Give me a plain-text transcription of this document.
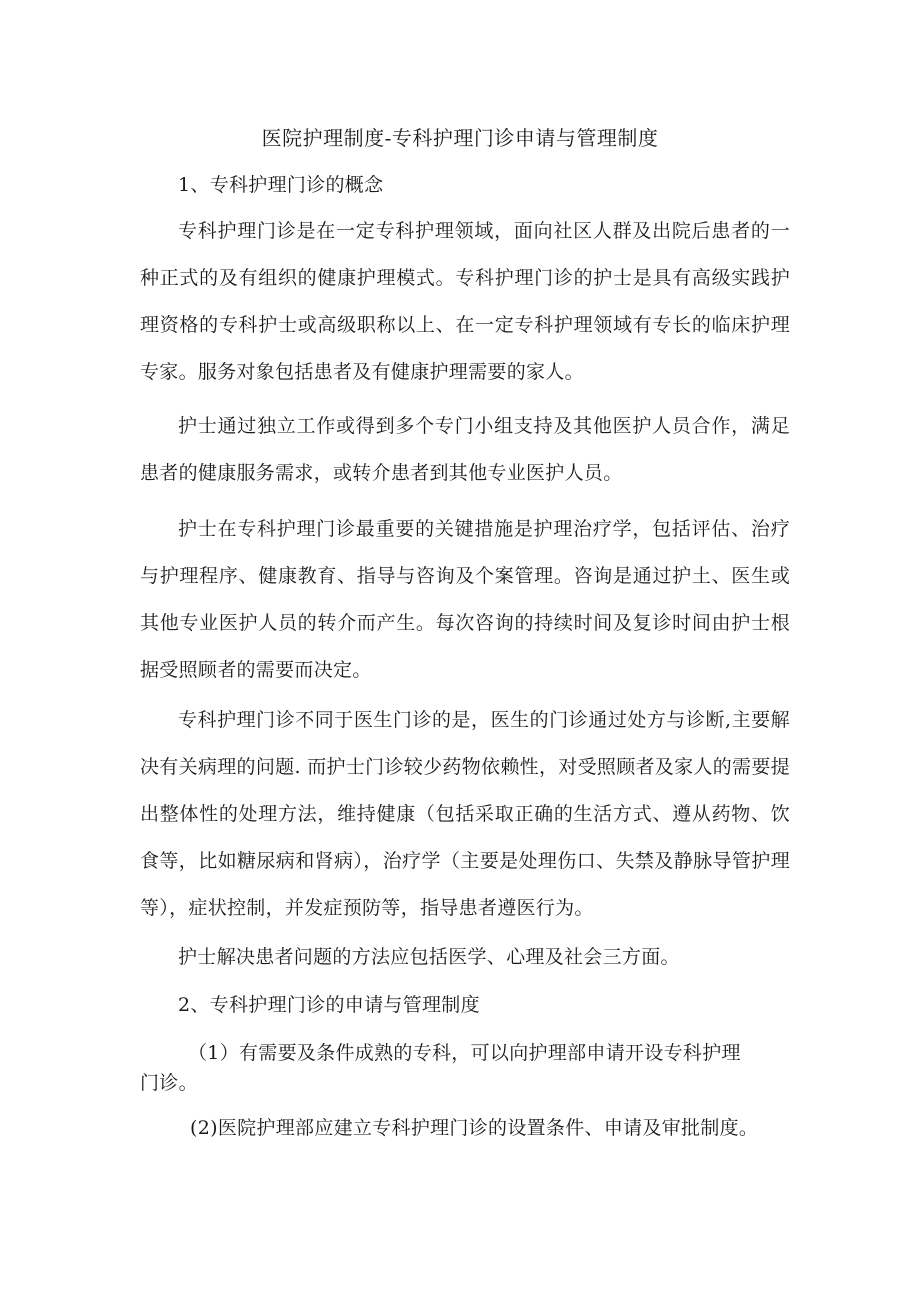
医院护理制度-专科护理门诊申请与管理制度

1、专科护理门诊的概念

专科护理门诊是在一定专科护理领域，面向社区人群及出院后患者的一种正式的及有组织的健康护理模式。专科护理门诊的护士是具有高级实践护理资格的专科护士或高级职称以上、在一定专科护理领域有专长的临床护理专家。服务对象包括患者及有健康护理需要的家人。

护士通过独立工作或得到多个专门小组支持及其他医护人员合作，满足患者的健康服务需求，或转介患者到其他专业医护人员。

护士在专科护理门诊最重要的关键措施是护理治疗学，包括评估、治疗与护理程序、健康教育、指导与咨询及个案管理。咨询是通过护土、医生或其他专业医护人员的转介而产生。每次咨询的持续时间及复诊时间由护士根据受照顾者的需要而决定。

专科护理门诊不同于医生门诊的是，医生的门诊通过处方与诊断,主要解决有关病理的问题. 而护士门诊较少药物依赖性，对受照顾者及家人的需要提出整体性的处理方法，维持健康（包括采取正确的生活方式、遵从药物、饮食等，比如糖尿病和肾病），治疗学（主要是处理伤口、失禁及静脉导管护理等），症状控制，并发症预防等，指导患者遵医行为。

护士解决患者问题的方法应包括医学、心理及社会三方面。

2、专科护理门诊的申请与管理制度

（1）有需要及条件成熟的专科，可以向护理部申请开设专科护理门诊。

(2)医院护理部应建立专科护理门诊的设置条件、申请及审批制度。
